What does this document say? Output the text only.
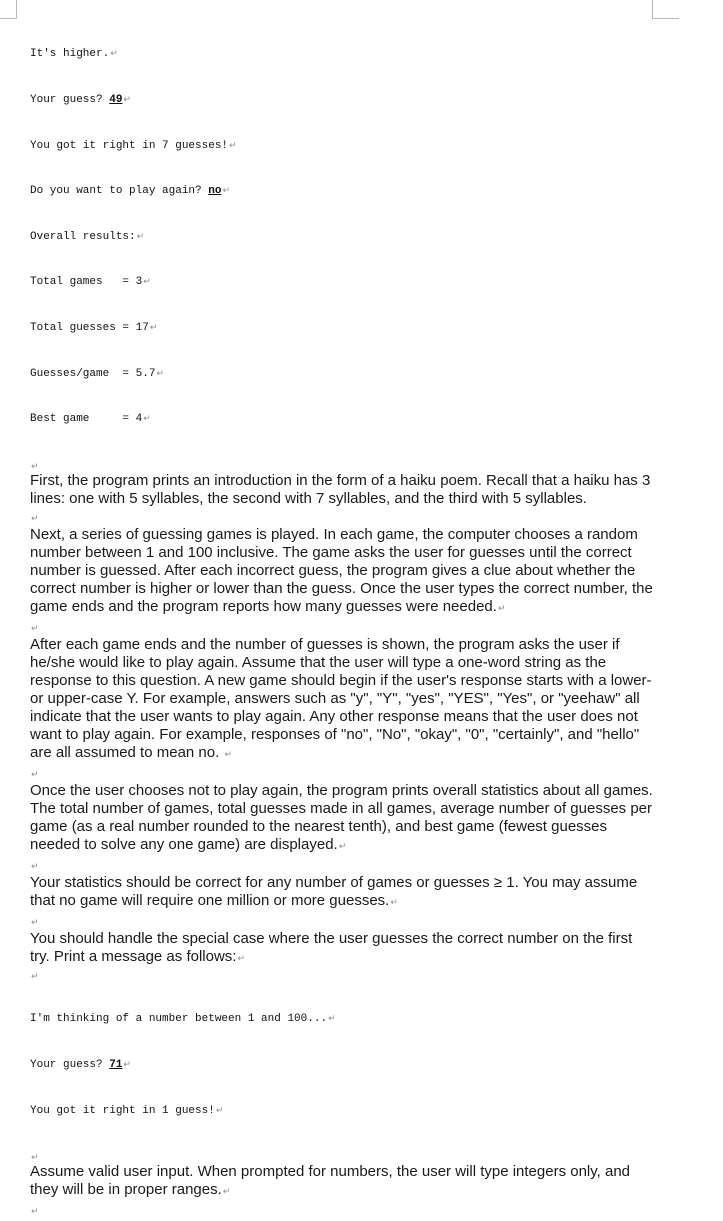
It's higher.↵

Your guess? 49↵

You got it right in 7 guesses!↵

Do you want to play again? no↵

Overall results:↵

Total games   = 3↵

Total guesses = 17↵

Guesses/game  = 5.7↵

Best game     = 4↵

↵

First, the program prints an introduction in the form of a haiku poem. Recall that a haiku has 3 lines: one with 5 syllables, the second with 7 syllables, and the third with 5 syllables.

↵

Next, a series of guessing games is played. In each game, the computer chooses a random number between 1 and 100 inclusive. The game asks the user for guesses until the correct number is guessed. After each incorrect guess, the program gives a clue about whether the correct number is higher or lower than the guess. Once the user types the correct number, the game ends and the program reports how many guesses were needed.↵

↵

After each game ends and the number of guesses is shown, the program asks the user if he/she would like to play again. Assume that the user will type a one-word string as the response to this question. A new game should begin if the user's response starts with a lower- or upper-case Y. For example, answers such as "y", "Y", "yes", "YES", "Yes", or "yeehaw" all indicate that the user wants to play again. Any other response means that the user does not want to play again. For example, responses of "no", "No", "okay", "0", "certainly", and "hello" are all assumed to mean no. ↵

↵

Once the user chooses not to play again, the program prints overall statistics about all games. The total number of games, total guesses made in all games, average number of guesses per game (as a real number rounded to the nearest tenth), and best game (fewest guesses needed to solve any one game) are displayed.↵

↵

Your statistics should be correct for any number of games or guesses ≥ 1. You may assume that no game will require one million or more guesses.↵

↵

You should handle the special case where the user guesses the correct number on the first try. Print a message as follows:↵

↵

I'm thinking of a number between 1 and 100...↵

Your guess? 71↵

You got it right in 1 guess!↵

↵

Assume valid user input. When prompted for numbers, the user will type integers only, and they will be in proper ranges.↵

↵
